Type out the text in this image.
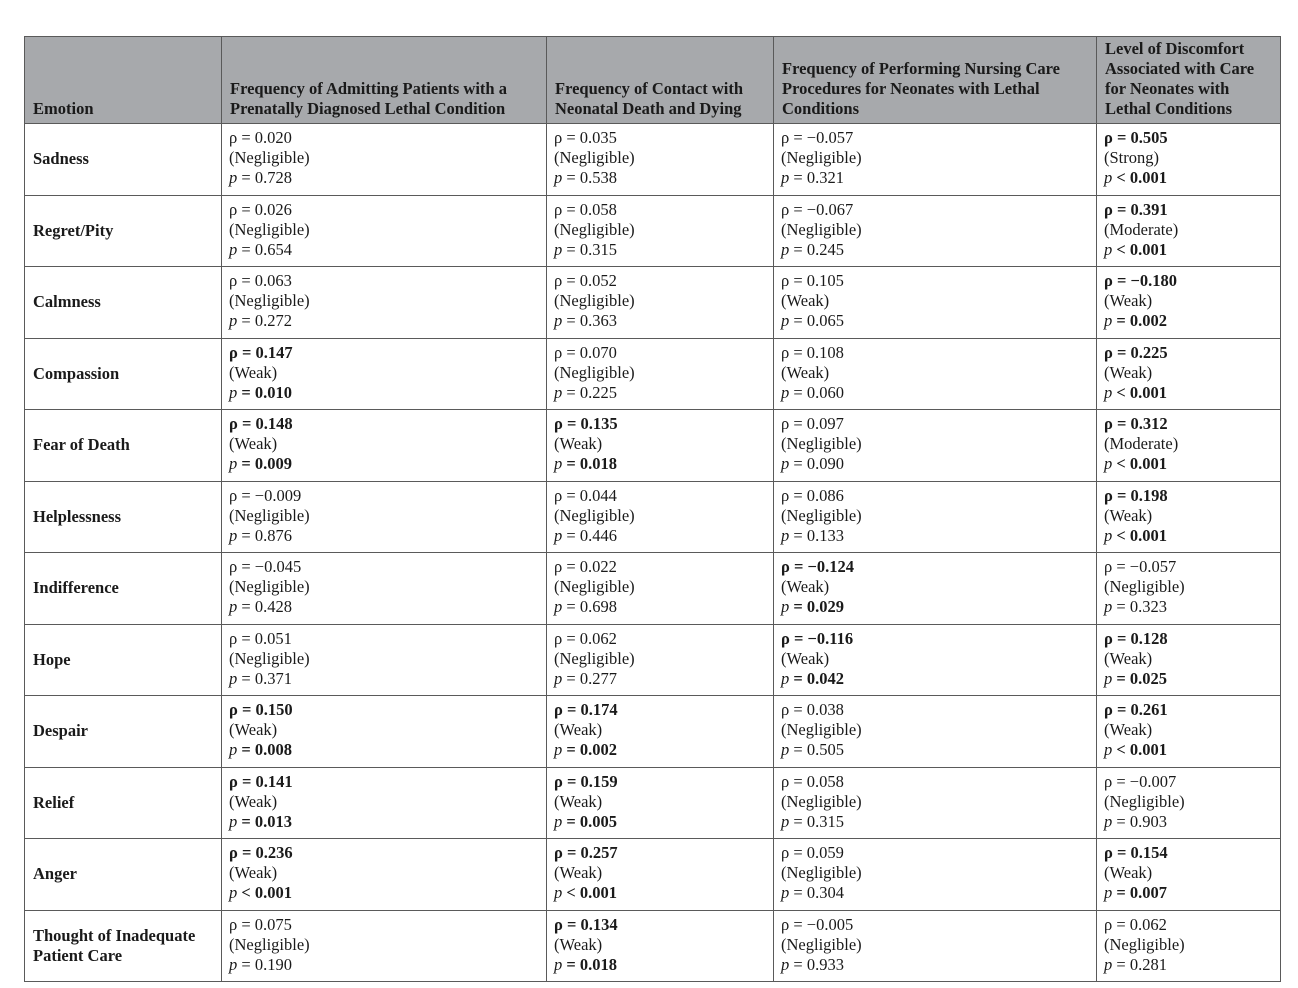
Emotion	Frequency of Admitting Patients with a Prenatally Diagnosed Lethal Condition	Frequency of Contact with Neonatal Death and Dying	Frequency of Performing Nursing Care Procedures for Neonates with Lethal Conditions	Level of Discomfort Associated with Care for Neonates with Lethal Conditions
Sadness	ρ = 0.020
(Negligible)
p = 0.728	ρ = 0.035
(Negligible)
p = 0.538	ρ = −0.057
(Negligible)
p = 0.321	ρ = 0.505
(Strong)
p < 0.001

Regret/Pity	ρ = 0.026
(Negligible)
p = 0.654	ρ = 0.058
(Negligible)
p = 0.315	ρ = −0.067
(Negligible)
p = 0.245	ρ = 0.391
(Moderate)
p < 0.001

Calmness	ρ = 0.063
(Negligible)
p = 0.272	ρ = 0.052
(Negligible)
p = 0.363	ρ = 0.105
(Weak)
p = 0.065	ρ = −0.180
(Weak)
p = 0.002

Compassion	ρ = 0.147
(Weak)
p = 0.010	ρ = 0.070
(Negligible)
p = 0.225	ρ = 0.108
(Weak)
p = 0.060	ρ = 0.225
(Weak)
p < 0.001

Fear of Death	ρ = 0.148
(Weak)
p = 0.009	ρ = 0.135
(Weak)
p = 0.018	ρ = 0.097
(Negligible)
p = 0.090	ρ = 0.312
(Moderate)
p < 0.001

Helplessness	ρ = −0.009
(Negligible)
p = 0.876	ρ = 0.044
(Negligible)
p = 0.446	ρ = 0.086
(Negligible)
p = 0.133	ρ = 0.198
(Weak)
p < 0.001

Indifference	ρ = −0.045
(Negligible)
p = 0.428	ρ = 0.022
(Negligible)
p = 0.698	ρ = −0.124
(Weak)
p = 0.029	ρ = −0.057
(Negligible)
p = 0.323

Hope	ρ = 0.051
(Negligible)
p = 0.371	ρ = 0.062
(Negligible)
p = 0.277	ρ = −0.116
(Weak)
p = 0.042	ρ = 0.128
(Weak)
p = 0.025

Despair	ρ = 0.150
(Weak)
p = 0.008	ρ = 0.174
(Weak)
p = 0.002	ρ = 0.038
(Negligible)
p = 0.505	ρ = 0.261
(Weak)
p < 0.001

Relief	ρ = 0.141
(Weak)
p = 0.013	ρ = 0.159
(Weak)
p = 0.005	ρ = 0.058
(Negligible)
p = 0.315	ρ = −0.007
(Negligible)
p = 0.903

Anger	ρ = 0.236
(Weak)
p < 0.001	ρ = 0.257
(Weak)
p < 0.001	ρ = 0.059
(Negligible)
p = 0.304	ρ = 0.154
(Weak)
p = 0.007

Thought of Inadequate Patient Care	ρ = 0.075
(Negligible)
p = 0.190	ρ = 0.134
(Weak)
p = 0.018	ρ = −0.005
(Negligible)
p = 0.933	ρ = 0.062
(Negligible)
p = 0.281
